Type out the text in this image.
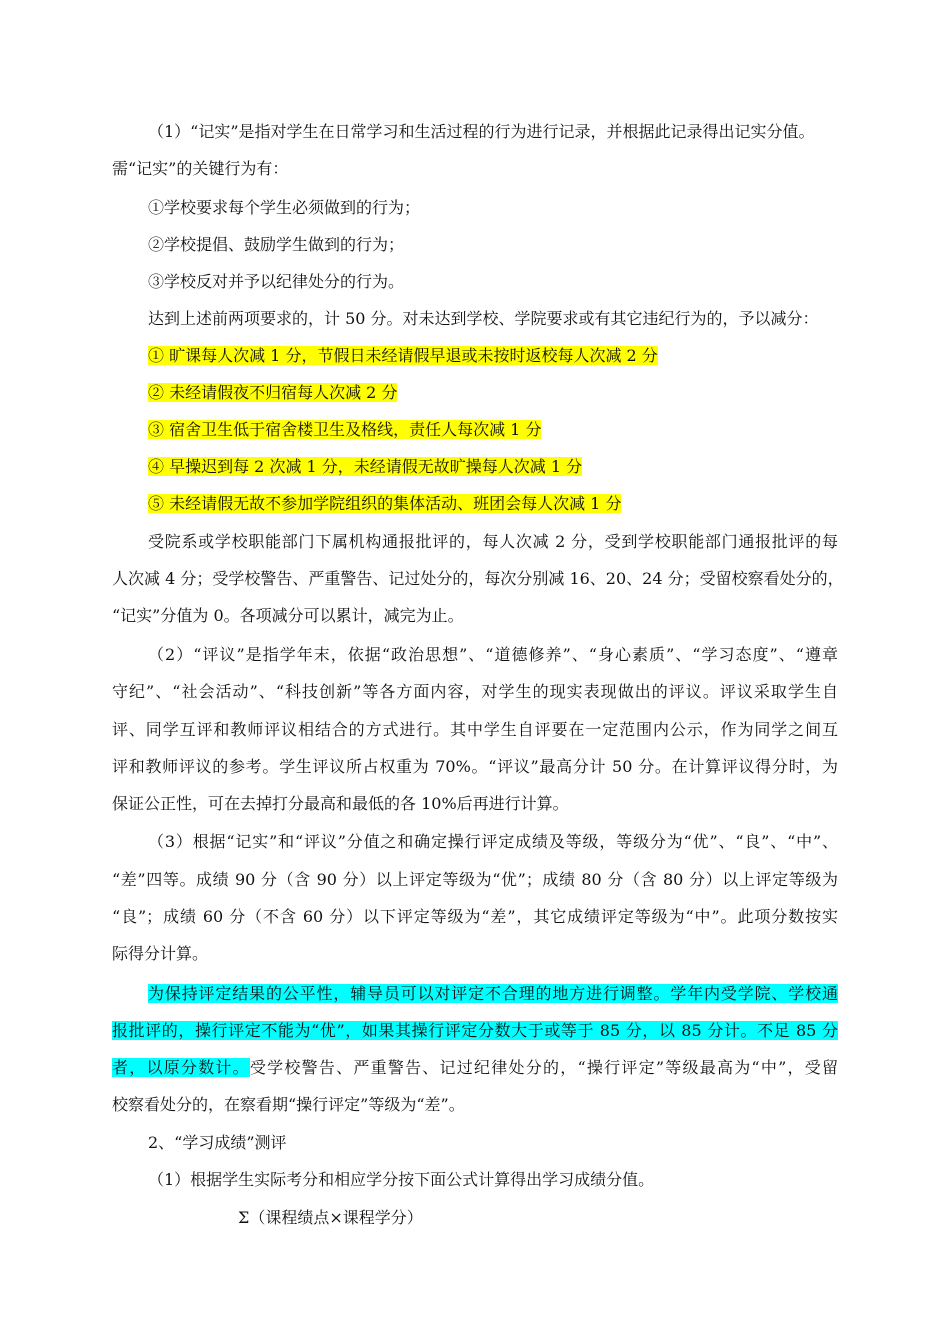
（1）“记实”是指对学生在日常学习和生活过程的行为进行记录，并根据此记录得出记实分值。
需“记实”的关键行为有：
①学校要求每个学生必须做到的行为；
②学校提倡、鼓励学生做到的行为；
③学校反对并予以纪律处分的行为。
达到上述前两项要求的，计 50 分。对未达到学校、学院要求或有其它违纪行为的，予以减分：
① 旷课每人次减 1 分，节假日未经请假早退或未按时返校每人次减 2 分
② 未经请假夜不归宿每人次减 2 分
③ 宿舍卫生低于宿舍楼卫生及格线，责任人每次减 1 分
④ 早操迟到每 2 次减 1 分，未经请假无故旷操每人次减 1 分
⑤ 未经请假无故不参加学院组织的集体活动、班团会每人次减 1 分
受院系或学校职能部门下属机构通报批评的，每人次减 2 分，受到学校职能部门通报批评的每
人次减 4 分；受学校警告、严重警告、记过处分的，每次分别减 16、20、24 分；受留校察看处分的，
“记实”分值为 0。各项减分可以累计，减完为止。
（2）“评议”是指学年末，依据“政治思想”、“道德修养”、“身心素质”、“学习态度”、“遵章
守纪”、“社会活动”、“科技创新”等各方面内容，对学生的现实表现做出的评议。评议采取学生自
评、同学互评和教师评议相结合的方式进行。其中学生自评要在一定范围内公示，作为同学之间互
评和教师评议的参考。学生评议所占权重为 70%。“评议”最高分计 50 分。在计算评议得分时，为
保证公正性，可在去掉打分最高和最低的各 10%后再进行计算。
（3）根据“记实”和“评议”分值之和确定操行评定成绩及等级，等级分为“优”、“良”、“中”、
“差”四等。成绩 90 分（含 90 分）以上评定等级为“优”；成绩 80 分（含 80 分）以上评定等级为
“良”；成绩 60 分（不含 60 分）以下评定等级为“差”，其它成绩评定等级为“中”。此项分数按实
际得分计算。
为保持评定结果的公平性，辅导员可以对评定不合理的地方进行调整。学年内受学院、学校通
报批评的，操行评定不能为“优”，如果其操行评定分数大于或等于 85 分，以 85 分计。不足 85 分
者，以原分数计。受学校警告、严重警告、记过纪律处分的，“操行评定”等级最高为“中”，受留
校察看处分的，在察看期“操行评定”等级为“差”。
2、“学习成绩”测评
（1）根据学生实际考分和相应学分按下面公式计算得出学习成绩分值。
Σ（课程绩点×课程学分）
